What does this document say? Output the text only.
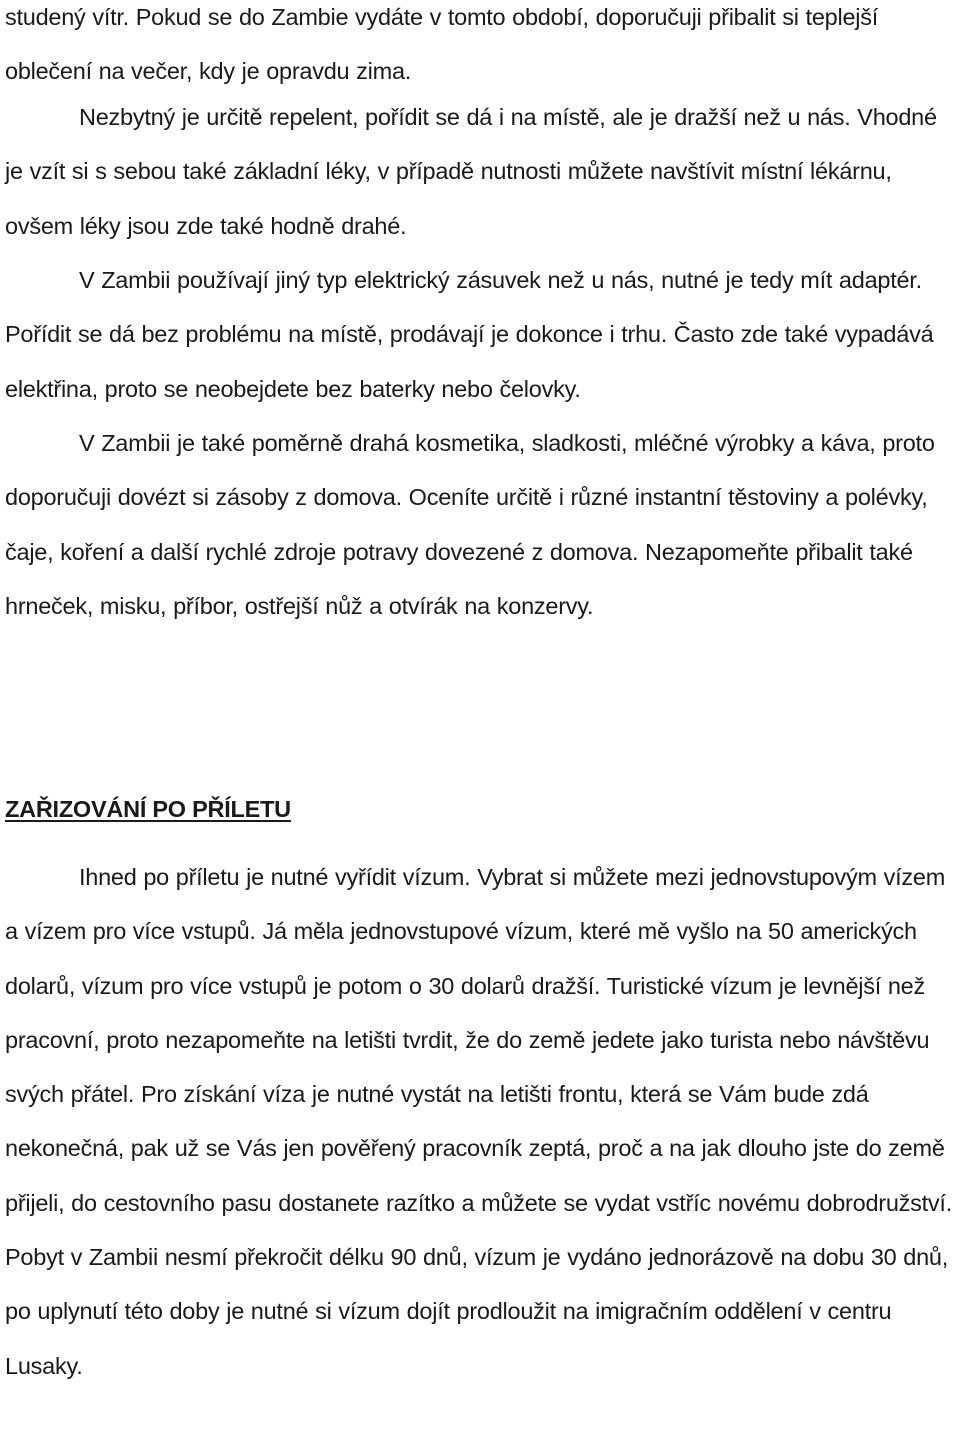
studený vítr. Pokud se do Zambie vydáte v tomto období, doporučuji přibalit si teplejší oblečení na večer, kdy je opravdu zima.

Nezbytný je určitě repelent, pořídit se dá i na místě, ale je dražší než u nás. Vhodné je vzít si s sebou také základní léky, v případě nutnosti můžete navštívit místní lékárnu, ovšem léky jsou zde také hodně drahé.

V Zambii používají jiný typ elektrický zásuvek než u nás, nutné je tedy mít adaptér. Pořídit se dá bez problému na místě, prodávají je dokonce i trhu. Často zde také vypadává elektřina, proto se neobejdete bez baterky nebo čelovky.

V Zambii je také poměrně drahá kosmetika, sladkosti, mléčné výrobky a káva, proto doporučuji dovézt si zásoby z domova. Oceníte určitě i různé instantní těstoviny a polévky, čaje, koření a další rychlé zdroje potravy dovezené z domova. Nezapomeňte přibalit také hrneček, misku, příbor, ostřejší nůž a otvírák na konzervy.

ZAŘIZOVÁNÍ PO PŘÍLETU

Ihned po příletu je nutné vyřídit vízum. Vybrat si můžete mezi jednovstupovým vízem a vízem pro více vstupů. Já měla jednovstupové vízum, které mě vyšlo na 50 amerických dolarů, vízum pro více vstupů je potom o 30 dolarů dražší. Turistické vízum je levnější než pracovní, proto nezapomeňte na letišti tvrdit, že do země jedete jako turista nebo návštěvu svých přátel. Pro získání víza je nutné vystát na letišti frontu, která se Vám bude zdá nekonečná, pak už se Vás jen pověřený pracovník zeptá, proč a na jak dlouho jste do země přijeli, do cestovního pasu dostanete razítko a můžete se vydat vstříc novému dobrodružství. Pobyt v Zambii nesmí překročit délku 90 dnů, vízum je vydáno jednorázově na dobu 30 dnů, po uplynutí této doby je nutné si vízum dojít prodloužit na imigračním oddělení v centru Lusaky.
